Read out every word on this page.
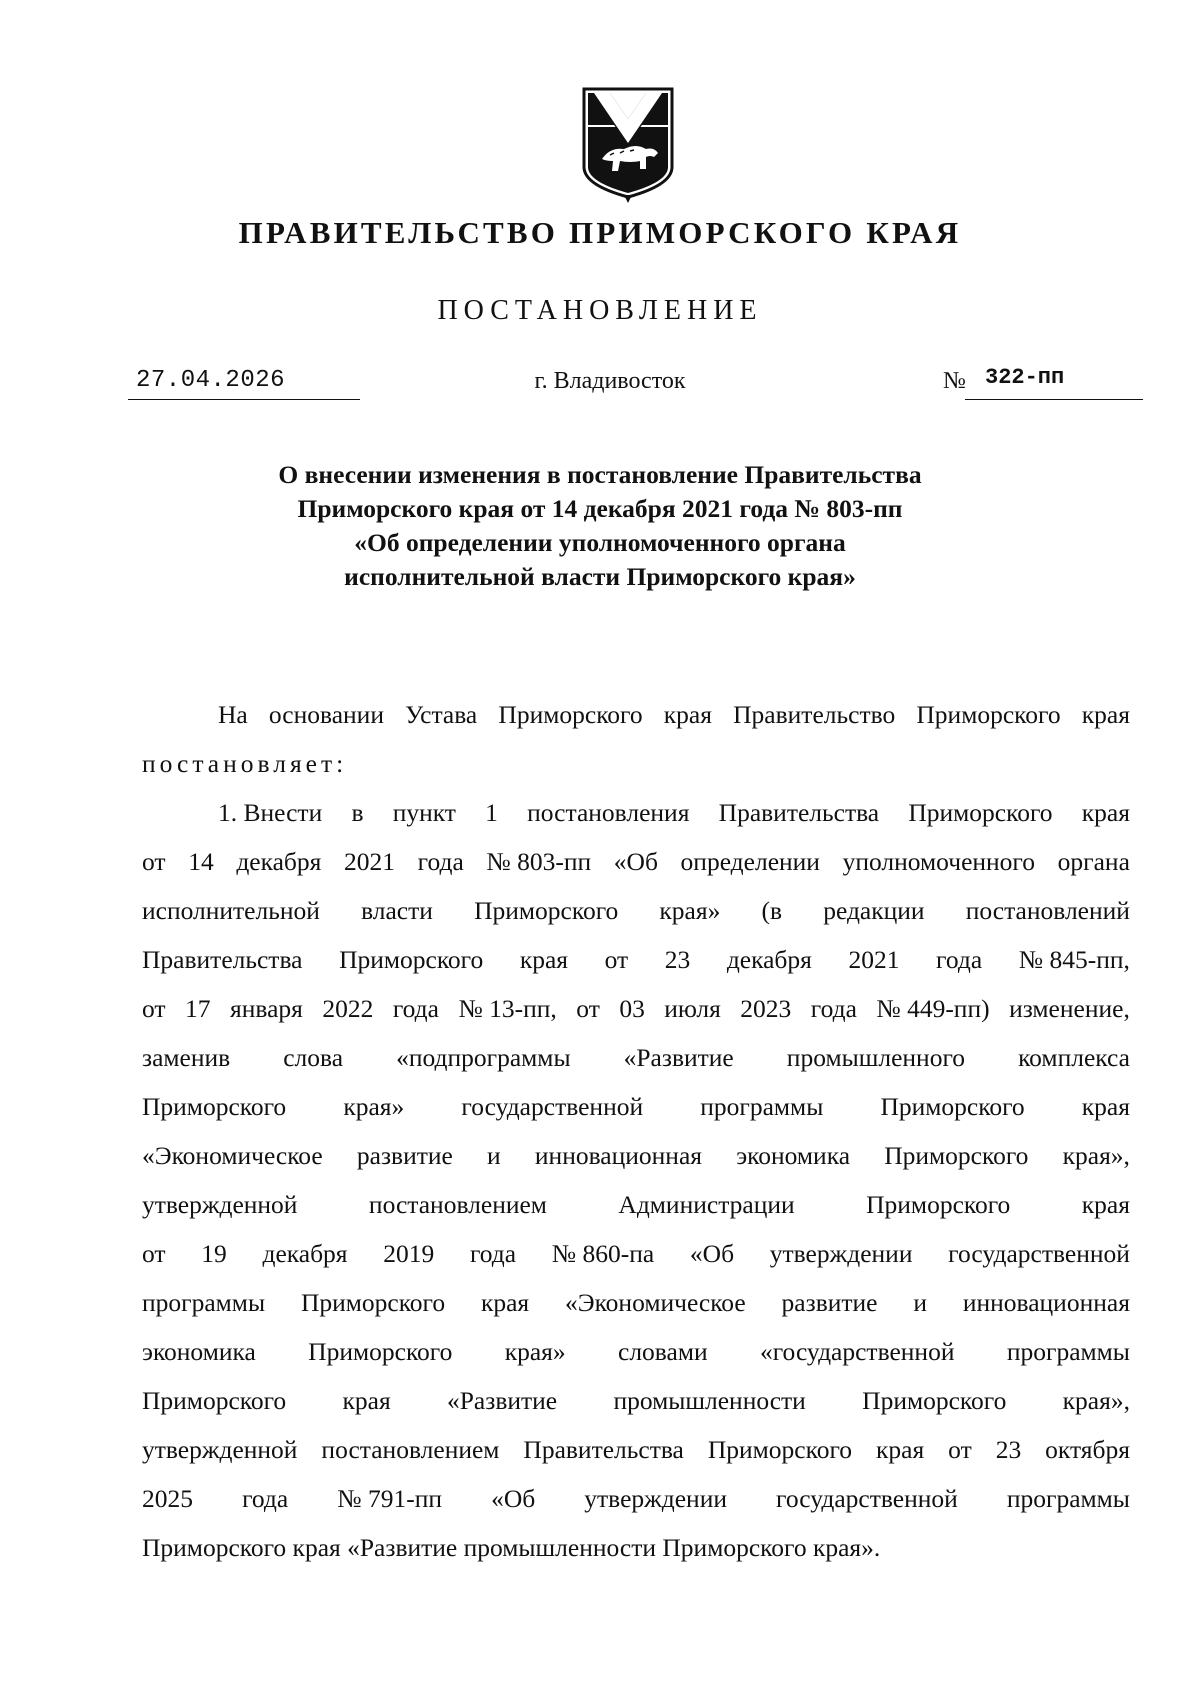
ПРАВИТЕЛЬСТВО ПРИМОРСКОГО КРАЯ
ПОСТАНОВЛЕНИЕ
27.04.2026	г. Владивосток	№ 322-пп
О внесении изменения в постановление Правительства
Приморского края от 14 декабря 2021 года № 803-пп
«Об определении уполномоченного органа
исполнительной власти Приморского края»
На основании Устава Приморского края Правительство Приморского края
постановляет:
1. Внести в пункт 1 постановления Правительства Приморского края
от 14 декабря 2021 года № 803-пп «Об определении уполномоченного органа
исполнительной власти Приморского края» (в редакции постановлений
Правительства Приморского края от 23 декабря 2021 года № 845-пп,
от 17 января 2022 года № 13-пп, от 03 июля 2023 года № 449-пп) изменение,
заменив слова «подпрограммы «Развитие промышленного комплекса
Приморского края» государственной программы Приморского края
«Экономическое развитие и инновационная экономика Приморского края»,
утвержденной	постановлением	Администрации	Приморского	края
от 19 декабря 2019 года № 860-па «Об утверждении государственной
программы Приморского края «Экономическое развитие и инновационная
экономика Приморского края» словами «государственной программы
Приморского края «Развитие промышленности Приморского края»,
утвержденной постановлением Правительства Приморского края от 23 октября
2025 года № 791-пп «Об утверждении государственной программы
Приморского края «Развитие промышленности Приморского края».
